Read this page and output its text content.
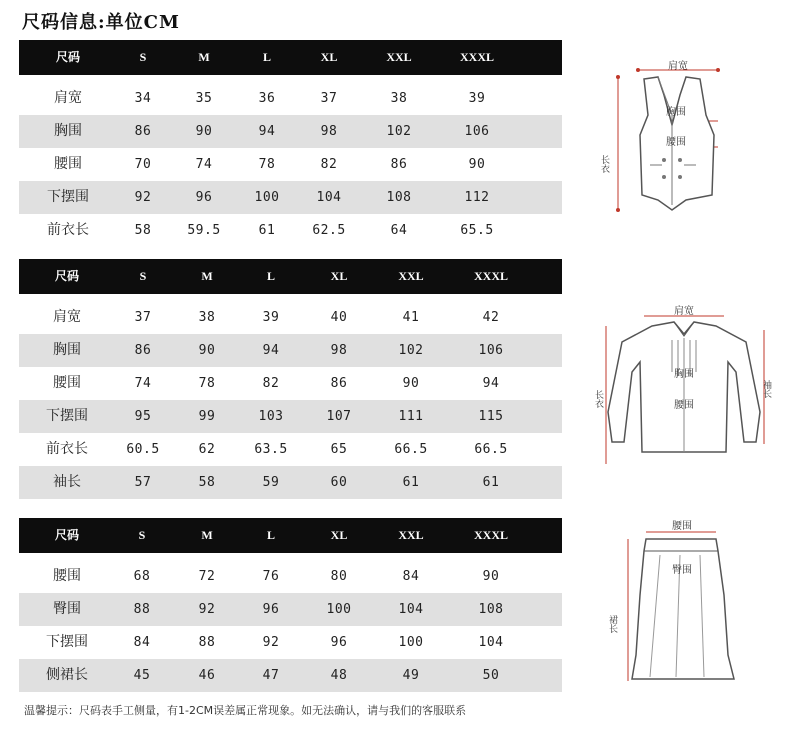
尺码信息:单位CM
尺码	S	M	L	XL	XXL	XXXL
肩宽	34	35	36	37	38	39
胸围	86	90	94	98	102	106
腰围	70	74	78	82	86	90
下摆围	92	96	100	104	108	112
前衣长	58	59.5	61	62.5	64	65.5
尺码	S	M	L	XL	XXL	XXXL
肩宽	37	38	39	40	41	42
胸围	86	90	94	98	102	106
腰围	74	78	82	86	90	94
下摆围	95	99	103	107	111	115
前衣长	60.5	62	63.5	65	66.5	66.5
袖长	57	58	59	60	61	61
尺码	S	M	L	XL	XXL	XXXL
腰围	68	72	76	80	84	90
臀围	88	92	96	100	104	108
下摆围	84	88	92	96	100	104
侧裙长	45	46	47	48	49	50
肩宽
胸围
腰围
长衣
肩宽
胸围
腰围
长衣
袖长
腰围
臀围
裙长
温馨提示：尺码表手工侧量，有1-2CM误差属正常现象。如无法确认，请与我们的客服联系
